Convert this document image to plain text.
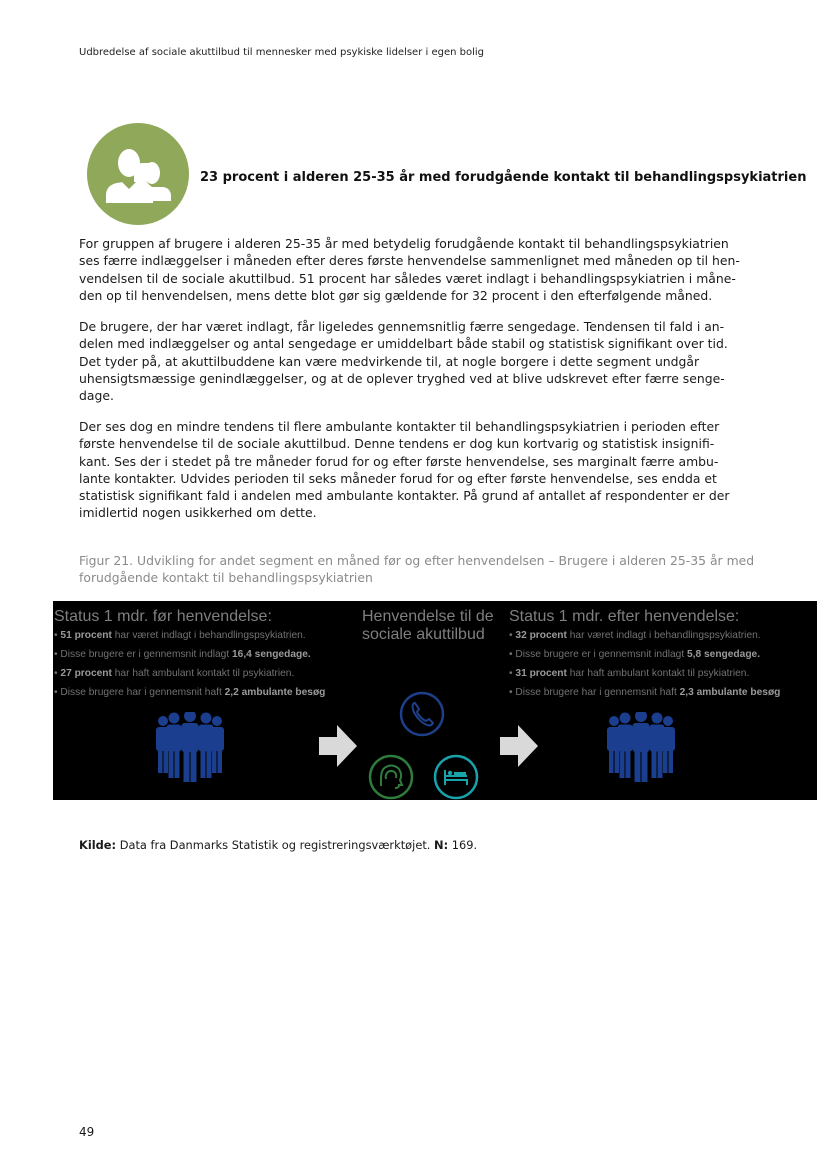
Udbredelse af sociale akuttilbud til mennesker med psykiske lidelser i egen bolig
23 procent i alderen 25-35 år med forudgående kontakt til behandlingspsykiatrien
For gruppen af brugere i alderen 25-35 år med betydelig forudgående kontakt til behandlingspsykiatrien
ses færre indlæggelser i måneden efter deres første henvendelse sammenlignet med måneden op til hen-
vendelsen til de sociale akuttilbud. 51 procent har således været indlagt i behandlingspsykiatrien i måne-
den op til henvendelsen, mens dette blot gør sig gældende for 32 procent i den efterfølgende måned.
De brugere, der har været indlagt, får ligeledes gennemsnitlig færre sengedage. Tendensen til fald i an-
delen med indlæggelser og antal sengedage er umiddelbart både stabil og statistisk signifikant over tid.
Det tyder på, at akuttilbuddene kan være medvirkende til, at nogle borgere i dette segment undgår
uhensigtsmæssige genindlæggelser, og at de oplever tryghed ved at blive udskrevet efter færre senge-
dage.
Der ses dog en mindre tendens til flere ambulante kontakter til behandlingspsykiatrien i perioden efter
første henvendelse til de sociale akuttilbud. Denne tendens er dog kun kortvarig og statistisk insignifi-
kant. Ses der i stedet på tre måneder forud for og efter første henvendelse, ses marginalt færre ambu-
lante kontakter. Udvides perioden til seks måneder forud for og efter første henvendelse, ses endda et
statistisk signifikant fald i andelen med ambulante kontakter. På grund af antallet af respondenter er der
imidlertid nogen usikkerhed om dette.
Figur 21. Udvikling for andet segment en måned før og efter henvendelsen – Brugere i alderen 25-35 år med
forudgående kontakt til behandlingspsykiatrien
Status 1 mdr. før henvendelse:
• 51 procent har været indlagt i behandlingspsykiatrien.
• Disse brugere er i gennemsnit indlagt 16,4 sengedage.
• 27 procent har haft ambulant kontakt til psykiatrien.
• Disse brugere har i gennemsnit haft 2,2 ambulante besøg
Henvendelse til de
sociale akuttilbud
Status 1 mdr. efter henvendelse:
• 32 procent har været indlagt i behandlingspsykiatrien.
• Disse brugere er i gennemsnit indlagt 5,8 sengedage.
• 31 procent har haft ambulant kontakt til psykiatrien.
• Disse brugere har i gennemsnit haft 2,3 ambulante besøg
Kilde: Data fra Danmarks Statistik og registreringsværktøjet. N: 169.
49
